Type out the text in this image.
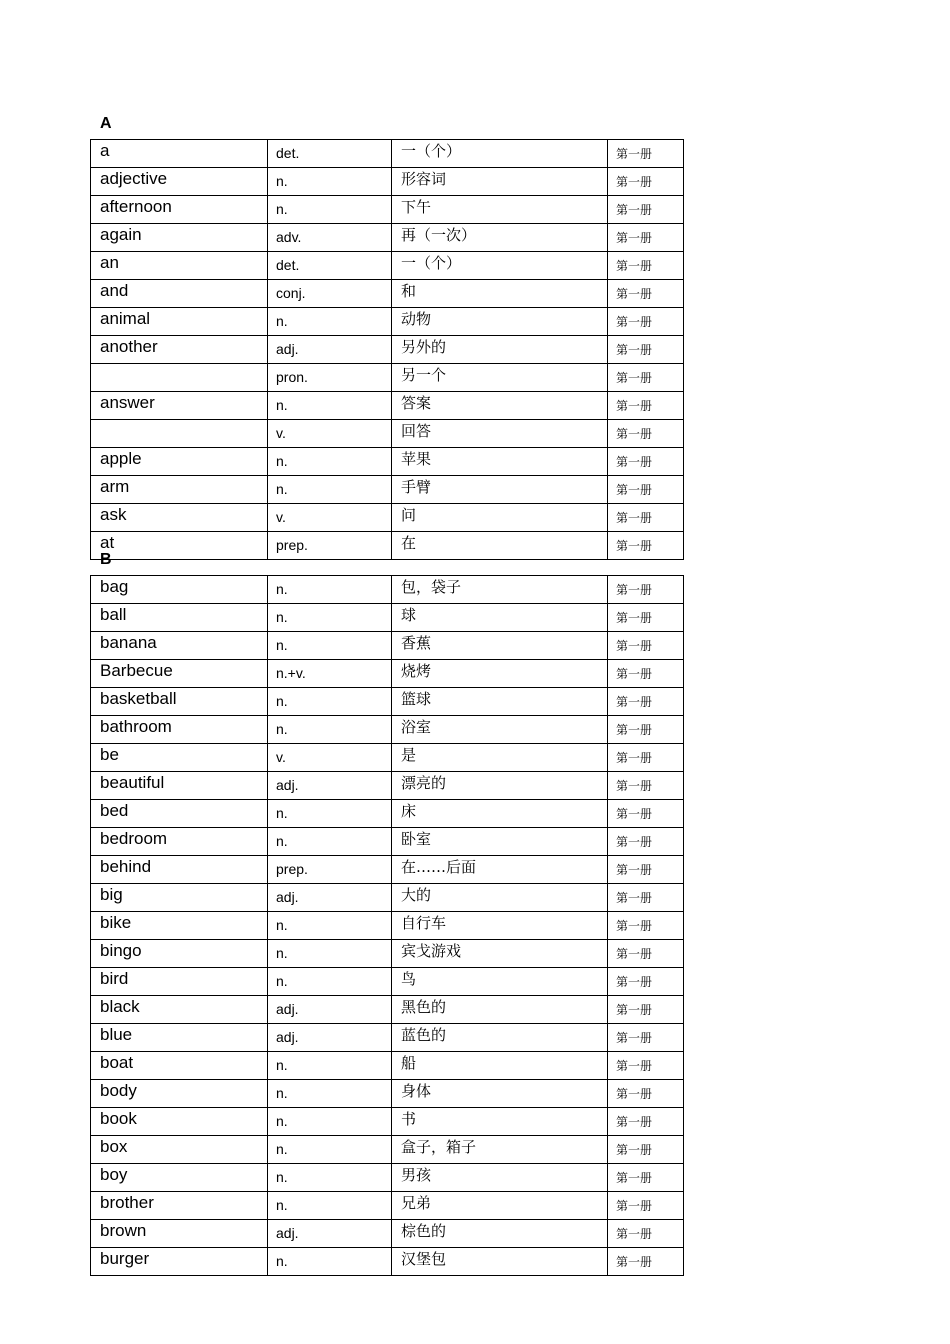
A
a	det.	一（个）	第一册
adjective	n.	形容词	第一册
afternoon	n.	下午	第一册
again	adv.	再（一次）	第一册
an	det.	一（个）	第一册
and	conj.	和	第一册
animal	n.	动物	第一册
another	adj.	另外的	第一册
	pron.	另一个	第一册
answer	n.	答案	第一册
	v.	回答	第一册
apple	n.	苹果	第一册
arm	n.	手臂	第一册
ask	v.	问	第一册
at	prep.	在	第一册
B
bag	n.	包，袋子	第一册
ball	n.	球	第一册
banana	n.	香蕉	第一册
Barbecue	n.+v.	烧烤	第一册
basketball	n.	篮球	第一册
bathroom	n.	浴室	第一册
be	v.	是	第一册
beautiful	adj.	漂亮的	第一册
bed	n.	床	第一册
bedroom	n.	卧室	第一册
behind	prep.	在……后面	第一册
big	adj.	大的	第一册
bike	n.	自行车	第一册
bingo	n.	宾戈游戏	第一册
bird	n.	鸟	第一册
black	adj.	黑色的	第一册
blue	adj.	蓝色的	第一册
boat	n.	船	第一册
body	n.	身体	第一册
book	n.	书	第一册
box	n.	盒子，箱子	第一册
boy	n.	男孩	第一册
brother	n.	兄弟	第一册
brown	adj.	棕色的	第一册
burger	n.	汉堡包	第一册
